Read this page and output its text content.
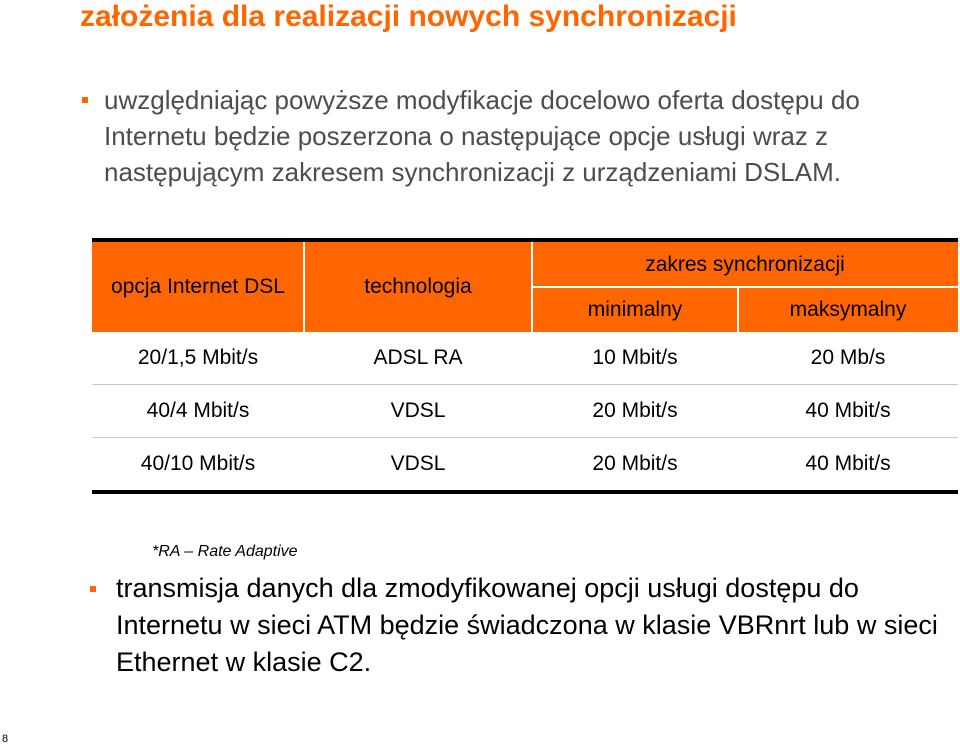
założenia dla realizacji nowych synchronizacji
uwzględniając powyższe modyfikacje docelowo oferta dostępu do Internetu będzie poszerzona o następujące opcje usługi wraz z następującym zakresem synchronizacji z urządzeniami DSLAM.
opcja Internet DSL	technologia
zakres synchronizacji
minimalny	maksymalny
20/1,5 Mbit/s	ADSL RA	10 Mbit/s	20 Mb/s
40/4 Mbit/s	VDSL	20 Mbit/s	40 Mbit/s
40/10 Mbit/s	VDSL	20 Mbit/s	40 Mbit/s
*RA – Rate Adaptive
transmisja danych dla zmodyfikowanej opcji usługi dostępu do Internetu w sieci ATM będzie świadczona w klasie VBRnrt lub w sieci Ethernet w klasie C2.
8
